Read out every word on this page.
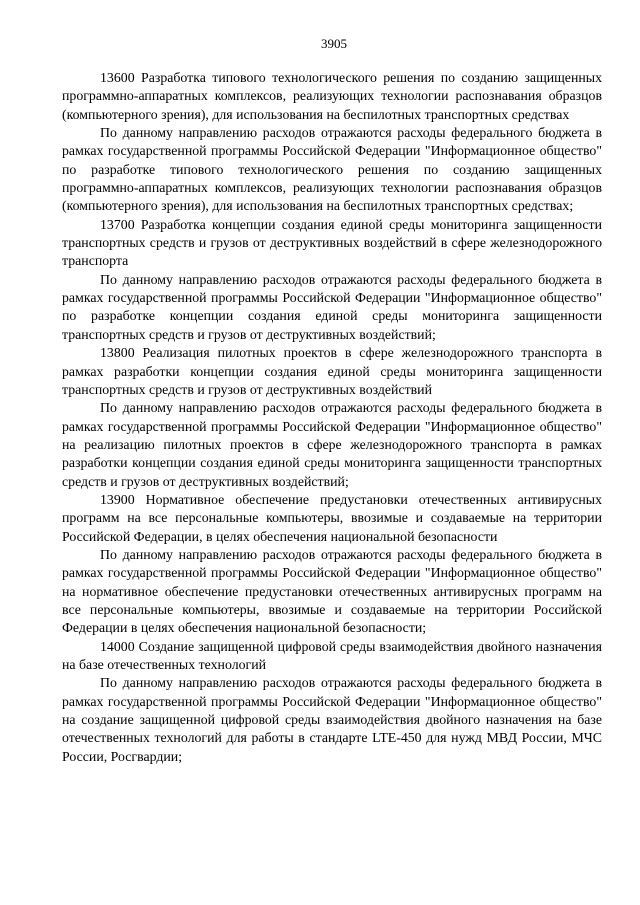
3905

13600 Разработка типового технологического решения по созданию защищенных программно-аппаратных комплексов, реализующих технологии распознавания образцов (компьютерного зрения), для использования на беспилотных транспортных средствах

По данному направлению расходов отражаются расходы федерального бюджета в рамках государственной программы Российской Федерации "Информационное общество" по разработке типового технологического решения по созданию защищенных программно-аппаратных комплексов, реализующих технологии распознавания образцов (компьютерного зрения), для использования на беспилотных транспортных средствах;

13700 Разработка концепции создания единой среды мониторинга защищенности транспортных средств и грузов от деструктивных воздействий в сфере железнодорожного транспорта

По данному направлению расходов отражаются расходы федерального бюджета в рамках государственной программы Российской Федерации "Информационное общество" по разработке концепции создания единой среды мониторинга защищенности транспортных средств и грузов от деструктивных воздействий;

13800 Реализация пилотных проектов в сфере железнодорожного транспорта в рамках разработки концепции создания единой среды мониторинга защищенности транспортных средств и грузов от деструктивных воздействий

По данному направлению расходов отражаются расходы федерального бюджета в рамках государственной программы Российской Федерации "Информационное общество" на реализацию пилотных проектов в сфере железнодорожного транспорта в рамках разработки концепции создания единой среды мониторинга защищенности транспортных средств и грузов от деструктивных воздействий;

13900 Нормативное обеспечение предустановки отечественных антивирусных программ на все персональные компьютеры, ввозимые и создаваемые на территории Российской Федерации, в целях обеспечения национальной безопасности

По данному направлению расходов отражаются расходы федерального бюджета в рамках государственной программы Российской Федерации "Информационное общество" на нормативное обеспечение предустановки отечественных антивирусных программ на все персональные компьютеры, ввозимые и создаваемые на территории Российской Федерации в целях обеспечения национальной безопасности;

14000 Создание защищенной цифровой среды взаимодействия двойного назначения на базе отечественных технологий

По данному направлению расходов отражаются расходы федерального бюджета в рамках государственной программы Российской Федерации "Информационное общество" на создание защищенной цифровой среды взаимодействия двойного назначения на базе отечественных технологий для работы в стандарте LTE-450 для нужд МВД России, МЧС России, Росгвардии;
